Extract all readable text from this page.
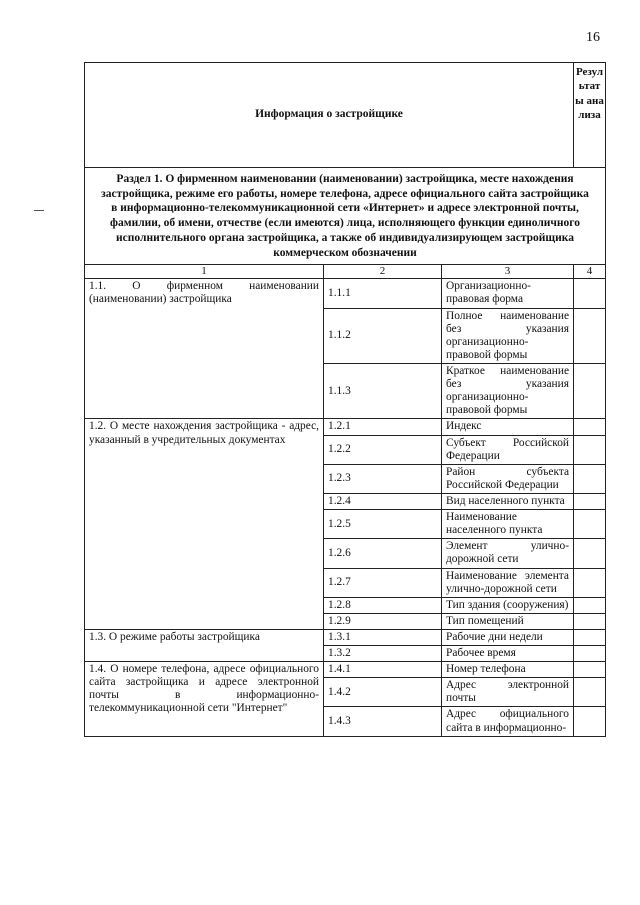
16
Информация о застройщике			Результаты анализа
Раздел 1. О фирменном наименовании (наименовании) застройщика, месте нахождения застройщика, режиме его работы, номере телефона, адресе официального сайта застройщика в информационно-телекоммуникационной сети «Интернет» и адресе электронной почты, фамилии, об имени, отчестве (если имеются) лица, исполняющего функции единоличного исполнительного органа застройщика, а также об индивидуализирующем застройщика коммерческом обозначении			
1	2	3	4
1.1. О фирменном наименовании (наименовании) застройщика	1.1.1	Организационно-правовая форма	
	1.1.2	Полное наименование без указания организационно-правовой формы	
	1.1.3	Краткое наименование без указания организационно-правовой формы	
1.2. О месте нахождения застройщика - адрес, указанный в учредительных документах	1.2.1	Индекс	
	1.2.2	Субъект Российской Федерации	
	1.2.3	Район субъекта Российской Федерации	
	1.2.4	Вид населенного пункта	
	1.2.5	Наименование населенного пункта	
	1.2.6	Элемент улично-дорожной сети	
	1.2.7	Наименование элемента улично-дорожной сети	
	1.2.8	Тип здания (сооружения)	
	1.2.9	Тип помещений	
1.3. О режиме работы застройщика	1.3.1	Рабочие дни недели	
	1.3.2	Рабочее время	
1.4. О номере телефона, адресе официального сайта застройщика и адресе электронной почты в информационно-телекоммуникационной сети "Интернет"	1.4.1	Номер телефона	
	1.4.2	Адрес электронной почты	
	1.4.3	Адрес официального сайта в информационно-	
